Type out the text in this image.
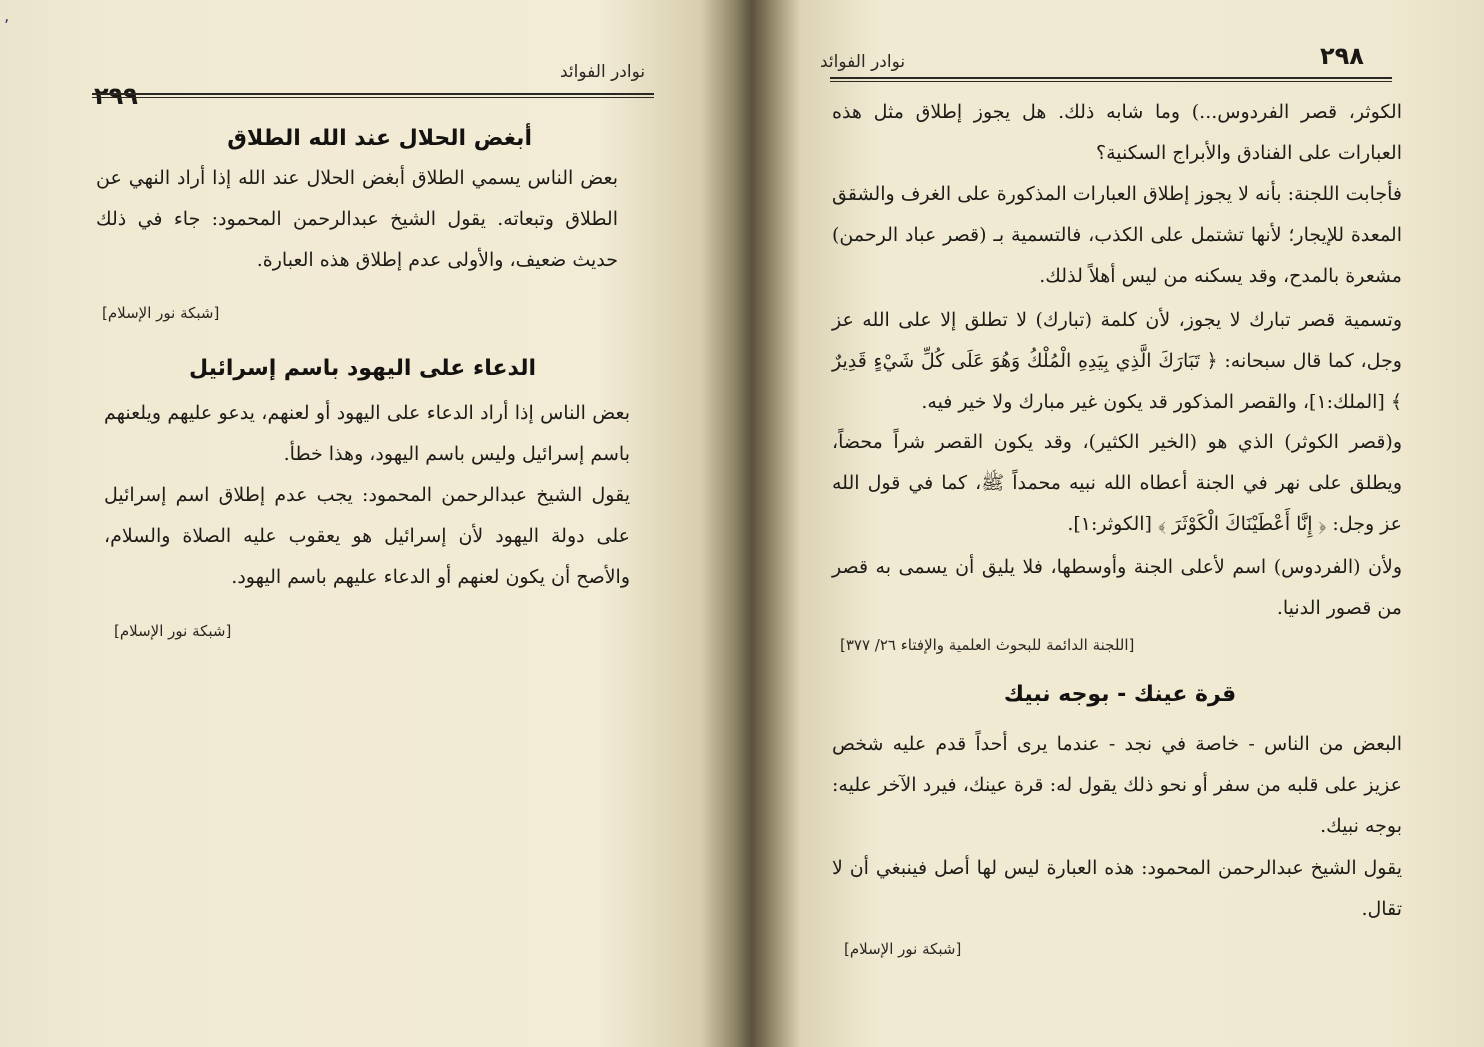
ʼ
نوادر الفوائد
٢٩٩
أبغض الحلال عند الله الطلاق

بعض الناس يسمي الطلاق أبغض الحلال عند الله إذا أراد النهي عن الطلاق وتبعاته. يقول الشيخ عبدالرحمن المحمود: جاء في ذلك حديث ضعيف، والأولى عدم إطلاق هذه العبارة.

[شبكة نور الإسلام]
الدعاء على اليهود باسم إسرائيل

بعض الناس إذا أراد الدعاء على اليهود أو لعنهم، يدعو عليهم ويلعنهم باسم إسرائيل وليس باسم اليهود، وهذا خطأ.

يقول الشيخ عبدالرحمن المحمود: يجب عدم إطلاق اسم إسرائيل على دولة اليهود لأن إسرائيل هو يعقوب عليه الصلاة والسلام، والأصح أن يكون لعنهم أو الدعاء عليهم باسم اليهود.

[شبكة نور الإسلام]
٢٩٨
نوادر الفوائد

الكوثر، قصر الفردوس...) وما شابه ذلك. هل يجوز إطلاق مثل هذه العبارات على الفنادق والأبراج السكنية؟

فأجابت اللجنة: بأنه لا يجوز إطلاق العبارات المذكورة على الغرف والشقق المعدة للإيجار؛ لأنها تشتمل على الكذب، فالتسمية بـ (قصر عباد الرحمن) مشعرة بالمدح، وقد يسكنه من ليس أهلاً لذلك.

وتسمية قصر تبارك لا يجوز، لأن كلمة (تبارك) لا تطلق إلا على الله عز وجل، كما قال سبحانه: ﴿ تَبَارَكَ الَّذِي بِيَدِهِ الْمُلْكُ وَهُوَ عَلَى كُلِّ شَيْءٍ قَدِيرٌ ﴾ [الملك:١]، والقصر المذكور قد يكون غير مبارك ولا خير فيه.

و(قصر الكوثر) الذي هو (الخير الكثير)، وقد يكون القصر شراً محضاً، ويطلق على نهر في الجنة أعطاه الله نبيه محمداً ﷺ، كما في قول الله عز وجل: ﴿ إِنَّا أَعْطَيْنَاكَ الْكَوْثَرَ ﴾ [الكوثر:١].

ولأن (الفردوس) اسم لأعلى الجنة وأوسطها، فلا يليق أن يسمى به قصر من قصور الدنيا.

[اللجنة الدائمة للبحوث العلمية والإفتاء ٢٦/ ٣٧٧]
قرة عينك - بوجه نبيك

البعض من الناس - خاصة في نجد - عندما يرى أحداً قدم عليه شخص عزيز على قلبه من سفر أو نحو ذلك يقول له: قرة عينك، فيرد الآخر عليه: بوجه نبيك.

يقول الشيخ عبدالرحمن المحمود: هذه العبارة ليس لها أصل فينبغي أن لا تقال.

[شبكة نور الإسلام]
